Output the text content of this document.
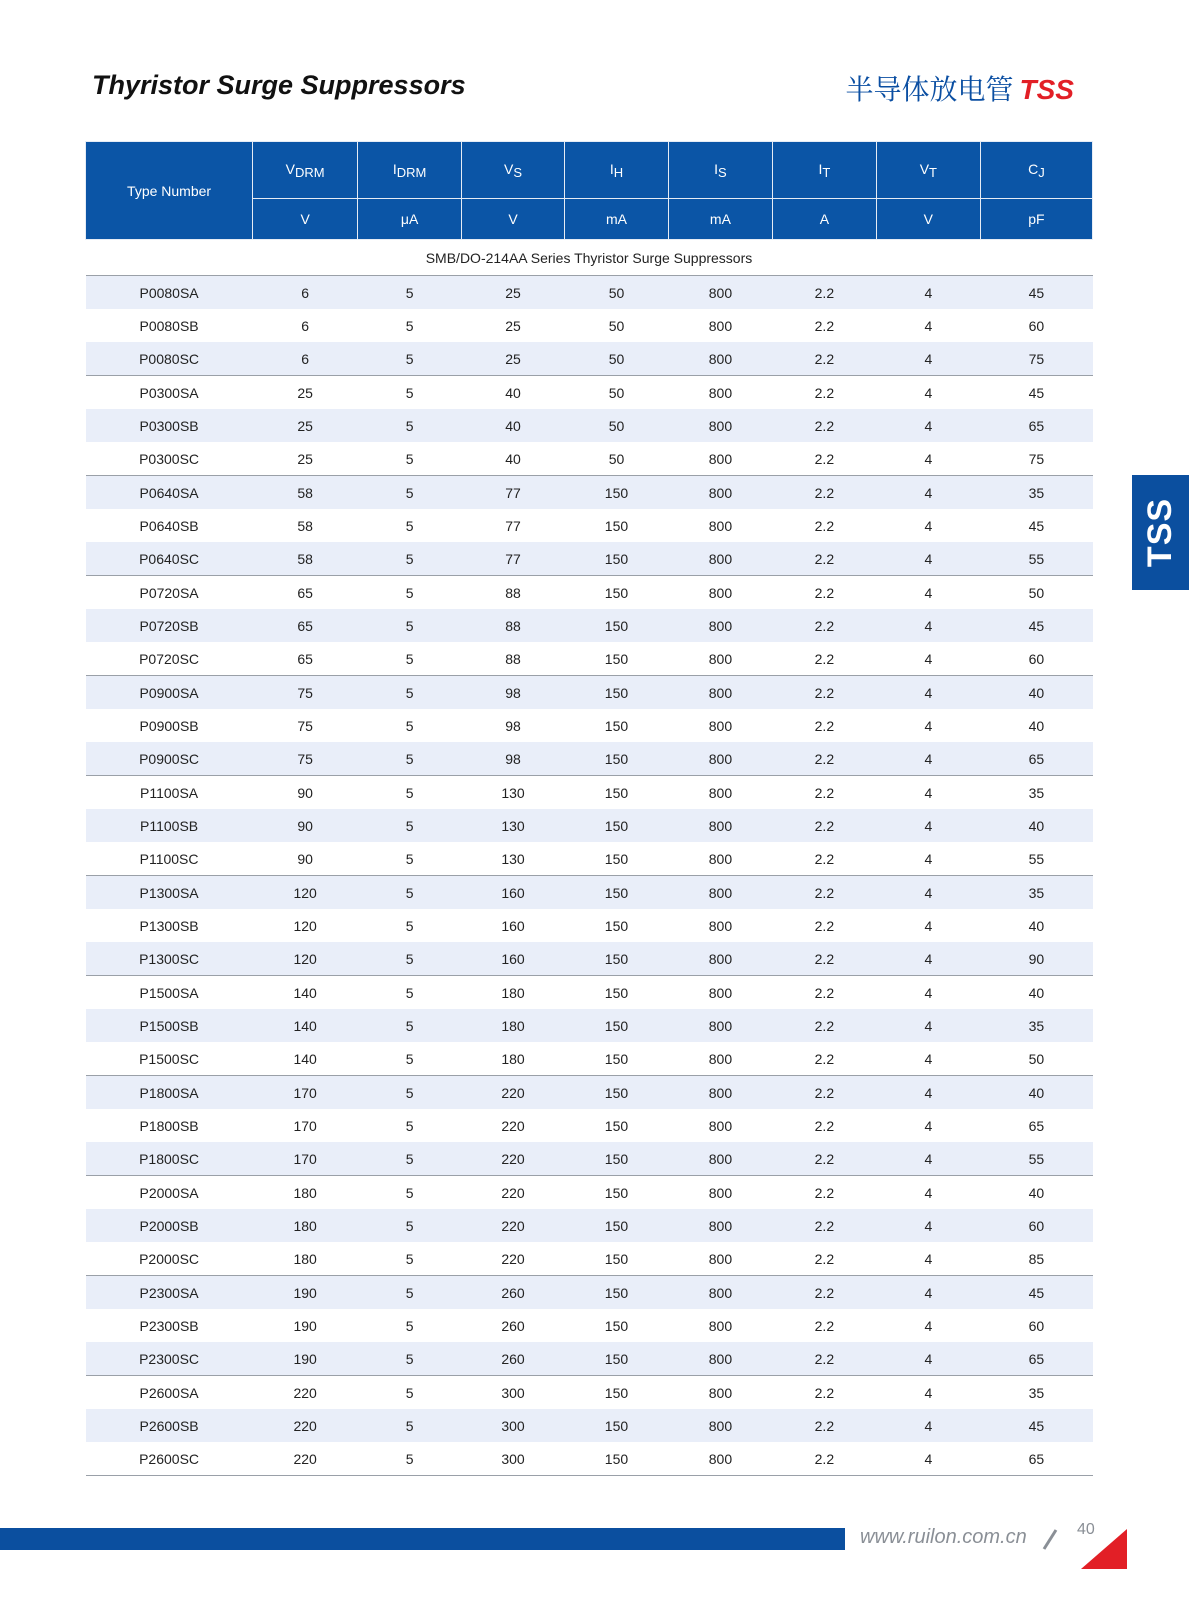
Thyristor Surge Suppressors	半导体放电管 TSS
Type Number	$V_{DRM}$	$I_{DRM}$	$V_S$	$I_H$	$I_S$	$I_T$	$V_T$	$C_J$
	V	μA	V	mA	mA	A	V	pF
SMB/DO-214AA Series Thyristor Surge Suppressors								
P0080SA	6	5	25	50	800	2.2	4	45
P0080SB	6	5	25	50	800	2.2	4	60
P0080SC	6	5	25	50	800	2.2	4	75
P0300SA	25	5	40	50	800	2.2	4	45
P0300SB	25	5	40	50	800	2.2	4	65
P0300SC	25	5	40	50	800	2.2	4	75
P0640SA	58	5	77	150	800	2.2	4	35
P0640SB	58	5	77	150	800	2.2	4	45
P0640SC	58	5	77	150	800	2.2	4	55
P0720SA	65	5	88	150	800	2.2	4	50
P0720SB	65	5	88	150	800	2.2	4	45
P0720SC	65	5	88	150	800	2.2	4	60
P0900SA	75	5	98	150	800	2.2	4	40
P0900SB	75	5	98	150	800	2.2	4	40
P0900SC	75	5	98	150	800	2.2	4	65
P1100SA	90	5	130	150	800	2.2	4	35
P1100SB	90	5	130	150	800	2.2	4	40
P1100SC	90	5	130	150	800	2.2	4	55
P1300SA	120	5	160	150	800	2.2	4	35
P1300SB	120	5	160	150	800	2.2	4	40
P1300SC	120	5	160	150	800	2.2	4	90
P1500SA	140	5	180	150	800	2.2	4	40
P1500SB	140	5	180	150	800	2.2	4	35
P1500SC	140	5	180	150	800	2.2	4	50
P1800SA	170	5	220	150	800	2.2	4	40
P1800SB	170	5	220	150	800	2.2	4	65
P1800SC	170	5	220	150	800	2.2	4	55
P2000SA	180	5	220	150	800	2.2	4	40
P2000SB	180	5	220	150	800	2.2	4	60
P2000SC	180	5	220	150	800	2.2	4	85
P2300SA	190	5	260	150	800	2.2	4	45
P2300SB	190	5	260	150	800	2.2	4	60
P2300SC	190	5	260	150	800	2.2	4	65
P2600SA	220	5	300	150	800	2.2	4	35
P2600SB	220	5	300	150	800	2.2	4	45
P2600SC	220	5	300	150	800	2.2	4	65
TSS
www.ruilon.com.cn	40
